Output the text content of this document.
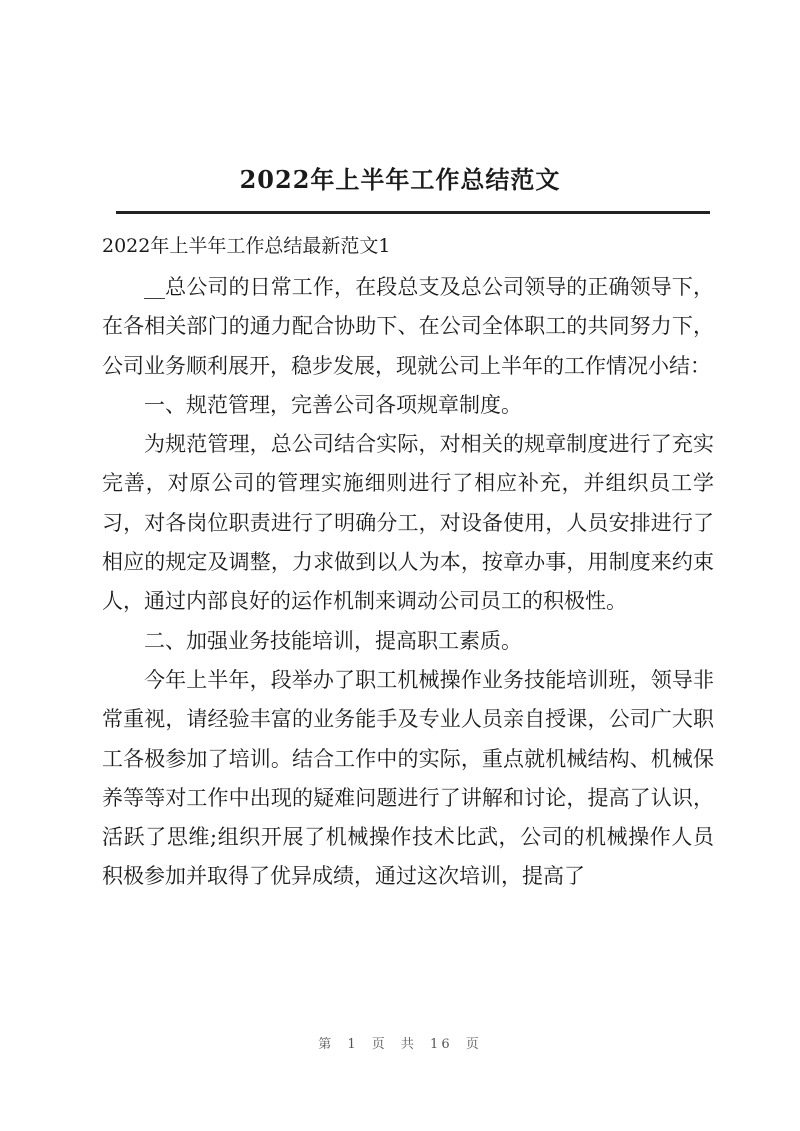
2022年上半年工作总结范文

2022年上半年工作总结最新范文1

__总公司的日常工作，在段总支及总公司领导的正确领导下，在各相关部门的通力配合协助下、在公司全体职工的共同努力下，公司业务顺利展开，稳步发展，现就公司上半年的工作情况小结：

一、规范管理，完善公司各项规章制度。

为规范管理，总公司结合实际，对相关的规章制度进行了充实完善，对原公司的管理实施细则进行了相应补充，并组织员工学习，对各岗位职责进行了明确分工，对设备使用，人员安排进行了相应的规定及调整，力求做到以人为本，按章办事，用制度来约束人，通过内部良好的运作机制来调动公司员工的积极性。

二、加强业务技能培训，提高职工素质。

今年上半年，段举办了职工机械操作业务技能培训班，领导非常重视，请经验丰富的业务能手及专业人员亲自授课，公司广大职工各极参加了培训。结合工作中的实际，重点就机械结构、机械保养等等对工作中出现的疑难问题进行了讲解和讨论，提高了认识，活跃了思维;组织开展了机械操作技术比武，公司的机械操作人员积极参加并取得了优异成绩，通过这次培训，提高了

第 1 页 共 16 页
